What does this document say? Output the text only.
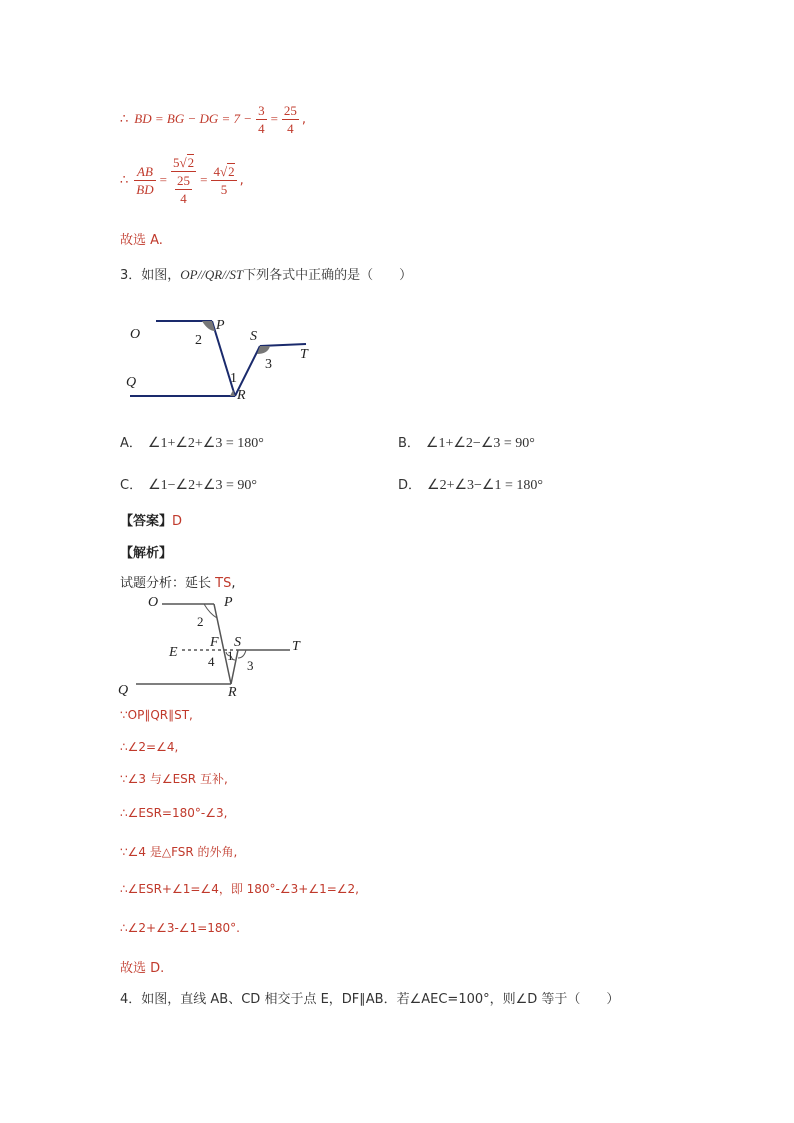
∴ BD = BG − DG = $7 - \frac{3}{4} = \frac{25}{4}$ ,
∴ $\frac{AB}{BD} = \frac{5√2}{\frac{25}{4}} = \frac{4√2}{5}$ ,
故选 A.
3．如图，OP//QR//ST下列各式中正确的是（　　）
O
P
2	S
3
T
Q	1
R
A． ∠1+∠2+∠3 = 180°	B． ∠1+∠2−∠3 = 90°
C． ∠1−∠2+∠3 = 90°	D． ∠2+∠3−∠1 = 180°
【答案】D
【解析】
试题分析：延长 TS,
O	P
2
F S	T
E
4 1
3
Q	R
∵OP∥QR∥ST,
∴∠2=∠4,
∵∠3 与∠ESR 互补,
∴∠ESR=180°-∠3,
∵∠4 是△FSR 的外角,
∴∠ESR+∠1=∠4，即 180°-∠3+∠1=∠2,
∴∠2+∠3-∠1=180°.
故选 D.
4．如图，直线 AB、CD 相交于点 E，DF∥AB．若∠AEC=100°，则∠D 等于（　　）
